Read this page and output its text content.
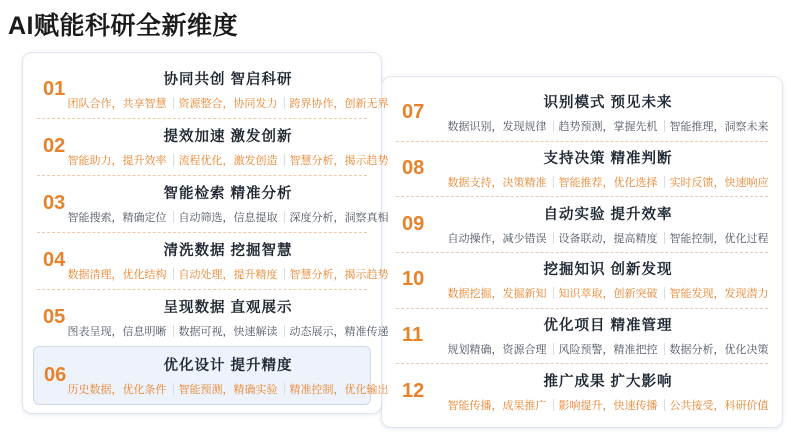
AI赋能科研全新维度
01	协同共创 智启科研
团队合作，共享智慧	资源整合，协同发力	跨界协作，创新无界
02	提效加速 激发创新
智能助力，提升效率	流程优化，激发创造	智慧分析，揭示趋势
03	智能检索 精准分析
智能搜索，精确定位	自动筛选，信息提取	深度分析，洞察真相
04	清洗数据 挖掘智慧
数据清理，优化结构	自动处理，提升精度	智慧分析，揭示趋势
05	呈现数据 直观展示
图表呈现，信息明晰	数据可视，快速解读	动态展示，精准传递
06	优化设计 提升精度
历史数据，优化条件	智能预测，精确实验	精准控制，优化输出
07	识别模式 预见未来
数据识别，发现规律	趋势预测，掌握先机	智能推理，洞察未来
08	支持决策 精准判断
数据支持，决策精准	智能推荐，优化选择	实时反馈，快速响应
09	自动实验 提升效率
自动操作，减少错误	设备联动，提高精度	智能控制，优化过程
10	挖掘知识 创新发现
数据挖掘，发掘新知	知识萃取，创新突破	智能发现，发现潜力
11	优化项目 精准管理
规划精确，资源合理	风险预警，精准把控	数据分析，优化决策
12	推广成果 扩大影响
智能传播，成果推广	影响提升，快速传播	公共接受，科研价值
